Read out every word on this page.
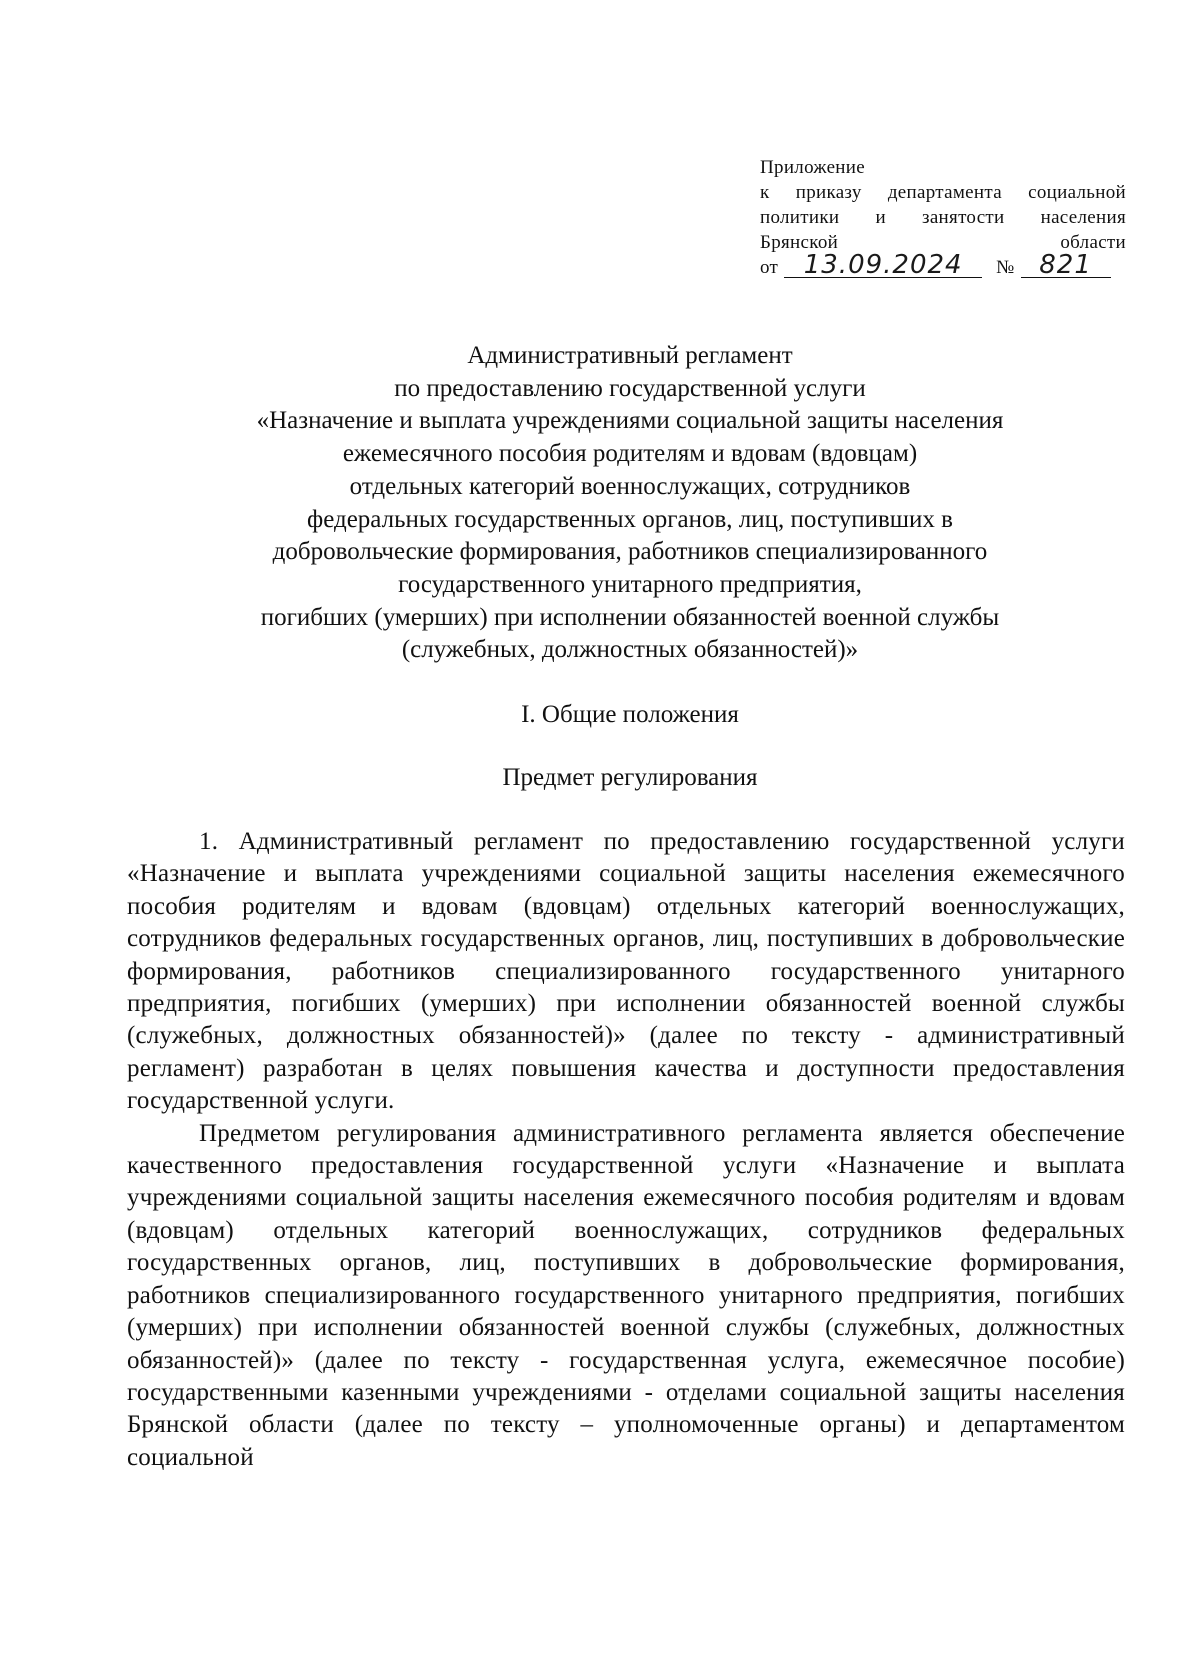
Приложение
к приказу департамента социальной
политики и занятости населения
Брянской области
от 13.09.2024	№ 821
Административный регламент
по предоставлению государственной услуги
«Назначение и выплата учреждениями социальной защиты населения
ежемесячного пособия родителям и вдовам (вдовцам)
отдельных категорий военнослужащих, сотрудников
федеральных государственных органов, лиц, поступивших в
добровольческие формирования, работников специализированного
государственного унитарного предприятия,
погибших (умерших) при исполнении обязанностей военной службы
(служебных, должностных обязанностей)»
I. Общие положения
Предмет регулирования

1. Административный регламент по предоставлению государственной услуги «Назначение и выплата учреждениями социальной защиты населения ежемесячного пособия родителям и вдовам (вдовцам) отдельных категорий военнослужащих, сотрудников федеральных государственных органов, лиц, поступивших в добровольческие формирования, работников специализированного государственного унитарного предприятия, погибших (умерших) при исполнении обязанностей военной службы (служебных, должностных обязанностей)» (далее по тексту - административный регламент) разработан в целях повышения качества и доступности предоставления государственной услуги.

Предметом регулирования административного регламента является обеспечение качественного предоставления государственной услуги «Назначение и выплата учреждениями социальной защиты населения ежемесячного пособия родителям и вдовам (вдовцам) отдельных категорий военнослужащих, сотрудников федеральных государственных органов, лиц, поступивших в добровольческие формирования, работников специализированного государственного унитарного предприятия, погибших (умерших) при исполнении обязанностей военной службы (служебных, должностных обязанностей)» (далее по тексту - государственная услуга, ежемесячное пособие) государственными казенными учреждениями - отделами социальной защиты населения Брянской области (далее по тексту – уполномоченные органы) и департаментом социальной
